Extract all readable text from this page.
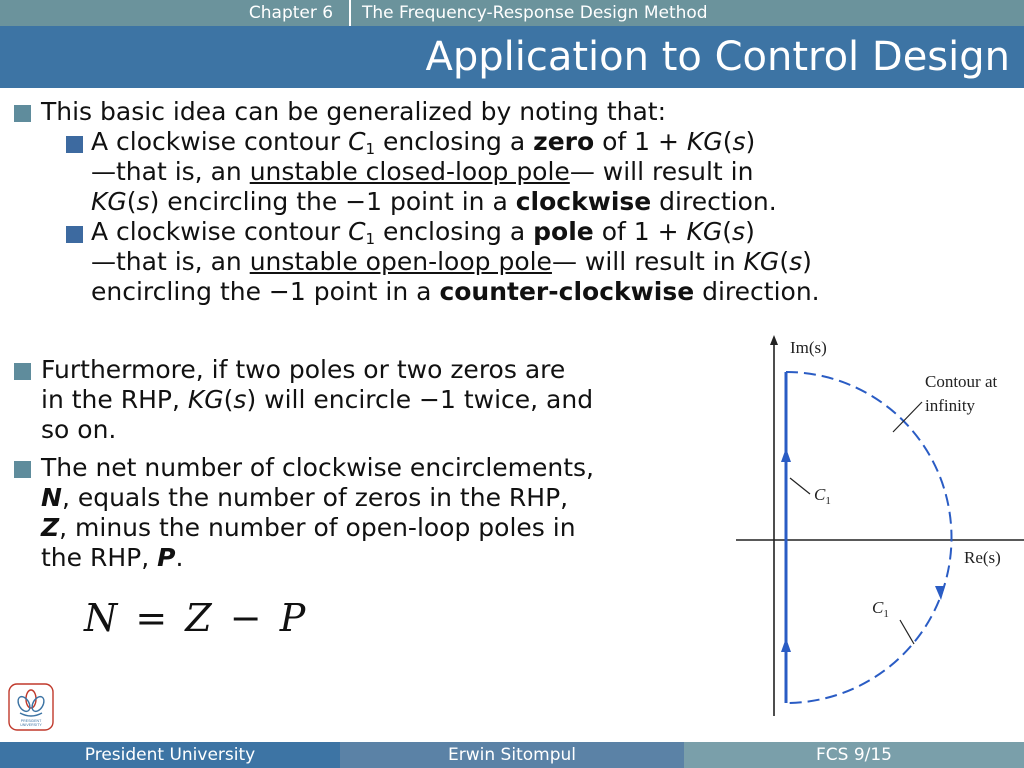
Chapter 6	The Frequency-Response Design Method
Application to Control Design
This basic idea can be generalized by noting that:
A clockwise contour $C_1$ enclosing a zero of 1 + KG(s)
—that is, an unstable closed-loop pole— will result in
KG(s) encircling the −1 point in a clockwise direction.
A clockwise contour $C_1$ enclosing a pole of 1 + KG(s)
—that is, an unstable open-loop pole— will result in KG(s)
encircling the −1 point in a counter-clockwise direction.
Furthermore, if two poles or two zeros are
in the RHP, KG(s) will encircle −1 twice, and
so on.
The net number of clockwise encirclements,
N, equals the number of zeros in the RHP,
Z, minus the number of open-loop poles in
the RHP, P.
N = Z − P
Im(s)
Re(s)
Contour at
infinity
$C_1$
$C_1$
PRESIDENT
UNIVERSITY
President University	Erwin Sitompul	FCS 9/15
